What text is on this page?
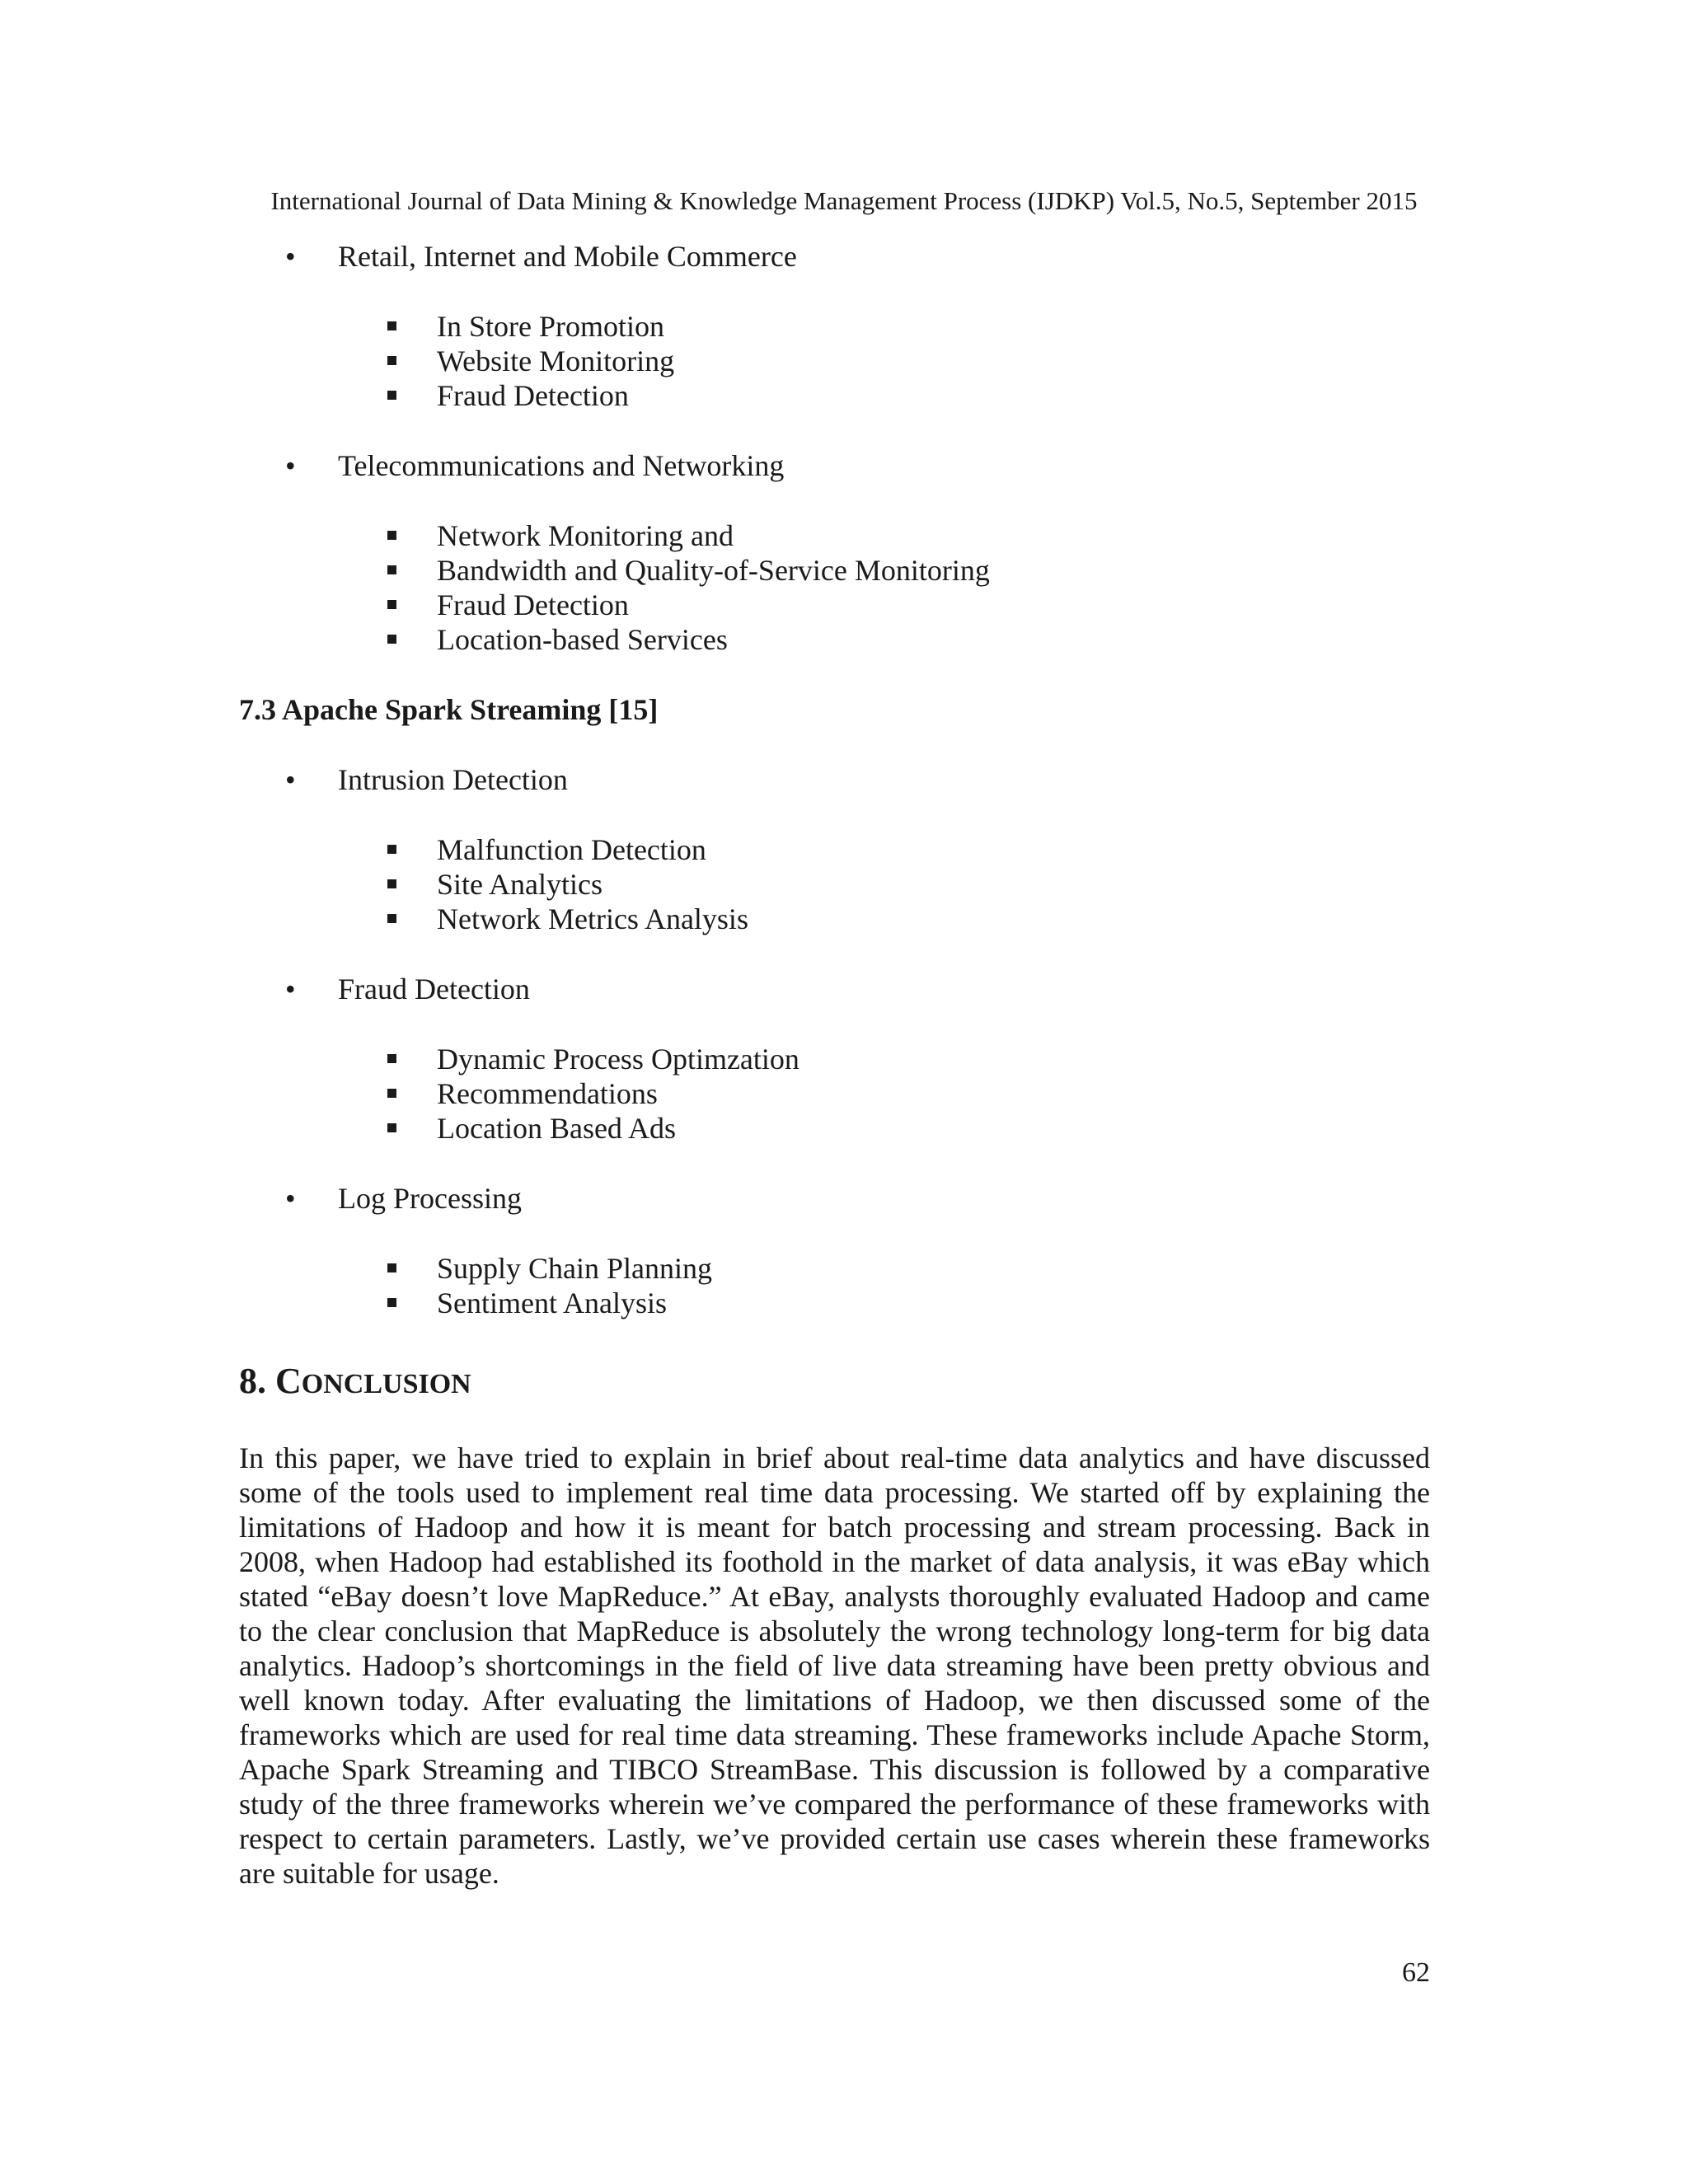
International Journal of Data Mining & Knowledge Management Process (IJDKP) Vol.5, No.5, September 2015
• Retail, Internet and Mobile Commerce
In Store Promotion
Website Monitoring
Fraud Detection
• Telecommunications and Networking
Network Monitoring and
Bandwidth and Quality-of-Service Monitoring
Fraud Detection
Location-based Services
7.3 Apache Spark Streaming [15]
• Intrusion Detection
Malfunction Detection
Site Analytics
Network Metrics Analysis
• Fraud Detection
Dynamic Process Optimzation
Recommendations
Location Based Ads
• Log Processing
Supply Chain Planning
Sentiment Analysis
8. CONCLUSION

In this paper, we have tried to explain in brief about real-time data analytics and have discussed some of the tools used to implement real time data processing. We started off by explaining the limitations of Hadoop and how it is meant for batch processing and stream processing. Back in 2008, when Hadoop had established its foothold in the market of data analysis, it was eBay which stated “eBay doesn’t love MapReduce.” At eBay, analysts thoroughly evaluated Hadoop and came to the clear conclusion that MapReduce is absolutely the wrong technology long-term for big data analytics. Hadoop’s shortcomings in the field of live data streaming have been pretty obvious and well known today. After evaluating the limitations of Hadoop, we then discussed some of the frameworks which are used for real time data streaming. These frameworks include Apache Storm, Apache Spark Streaming and TIBCO StreamBase. This discussion is followed by a comparative study of the three frameworks wherein we’ve compared the performance of these frameworks with respect to certain parameters. Lastly, we’ve provided certain use cases wherein these frameworks are suitable for usage.

62
